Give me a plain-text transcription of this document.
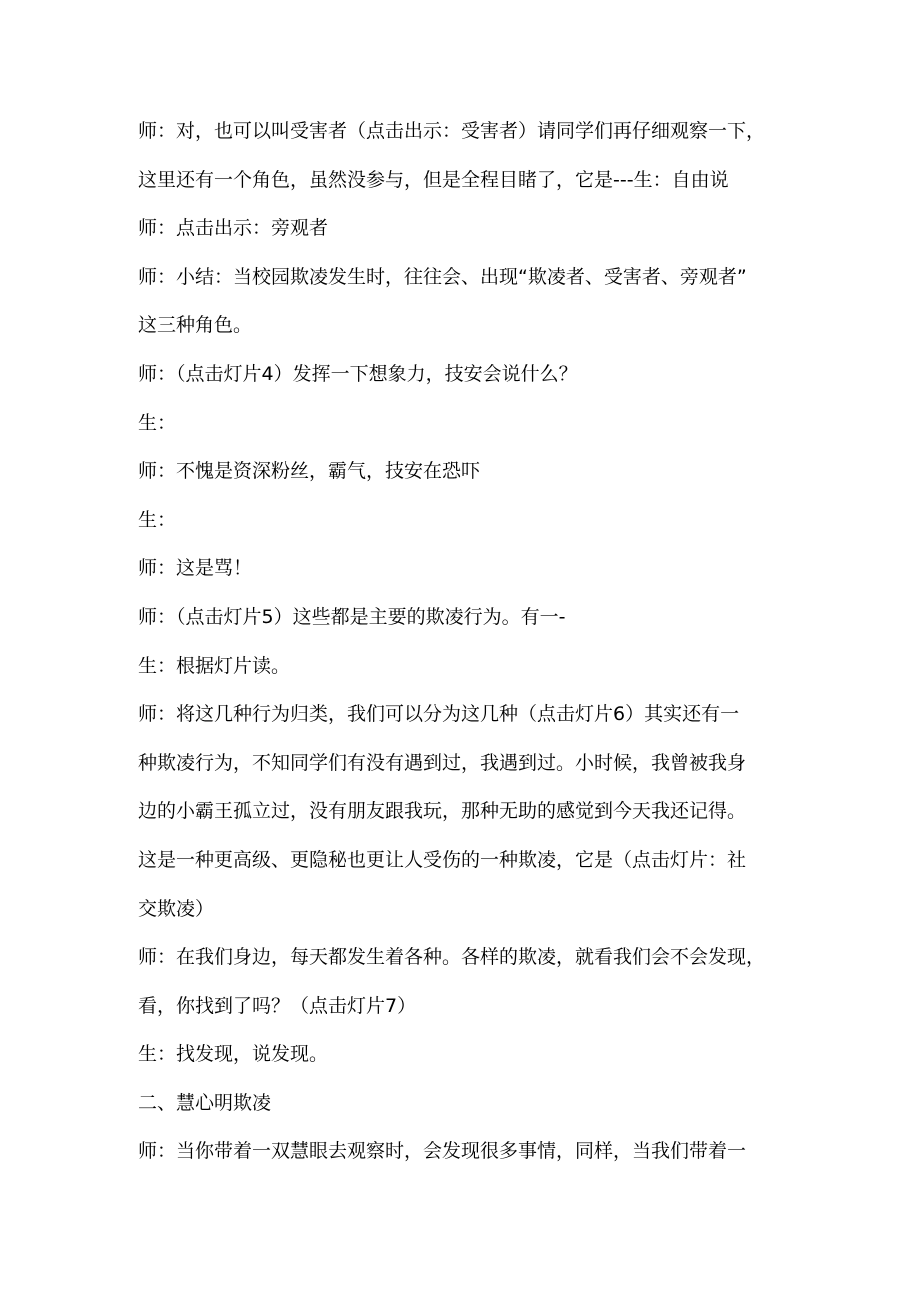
师：对，也可以叫受害者（点击出示：受害者）请同学们再仔细观察一下，
这里还有一个角色，虽然没参与，但是全程目睹了，它是---生：自由说
师：点击出示：旁观者
师：小结：当校园欺凌发生时，往往会、出现“欺凌者、受害者、旁观者”
这三种角色。
师：（点击灯片4）发挥一下想象力，技安会说什么？
生：
师：不愧是资深粉丝，霸气，技安在恐吓
生：
师：这是骂！
师：（点击灯片5）这些都是主要的欺凌行为。有一-
生：根据灯片读。
师：将这几种行为归类，我们可以分为这几种（点击灯片6）其实还有一
种欺凌行为，不知同学们有没有遇到过，我遇到过。小时候，我曾被我身
边的小霸王孤立过，没有朋友跟我玩，那种无助的感觉到今天我还记得。
这是一种更高级、更隐秘也更让人受伤的一种欺凌，它是（点击灯片：社
交欺凌）
师：在我们身边，每天都发生着各种。各样的欺凌，就看我们会不会发现，
看，你找到了吗？（点击灯片7）
生：找发现，说发现。
二、慧心明欺凌
师：当你带着一双慧眼去观察时，会发现很多事情，同样，当我们带着一
